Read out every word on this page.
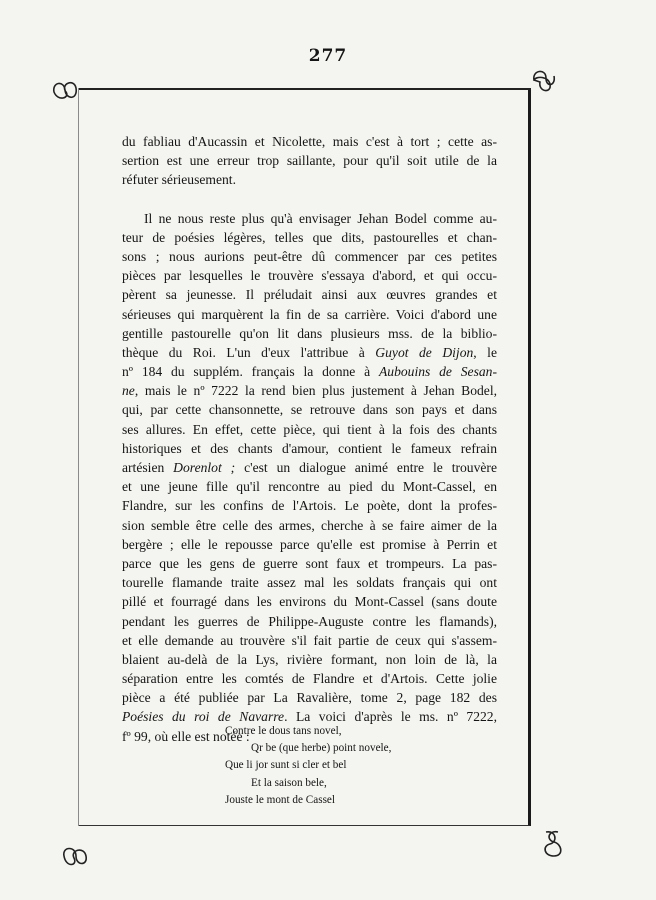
277
du fabliau d'Aucassin et Nicolette, mais c'est à tort ; cette as-
sertion est une erreur trop saillante, pour qu'il soit utile de la
réfuter sérieusement.
Il ne nous reste plus qu'à envisager Jehan Bodel comme au-
teur de poésies légères, telles que dits, pastourelles et chan-
sons ; nous aurions peut-être dû commencer par ces petites
pièces par lesquelles le trouvère s'essaya d'abord, et qui occu-
pèrent sa jeunesse. Il préludait ainsi aux œuvres grandes et
sérieuses qui marquèrent la fin de sa carrière. Voici d'abord une
gentille pastourelle qu'on lit dans plusieurs mss. de la biblio-
thèque du Roi. L'un d'eux l'attribue à Guyot de Dijon, le
nº 184 du supplém. français la donne à Aubouins de Sesan-
ne, mais le nº 7222 la rend bien plus justement à Jehan Bodel,
qui, par cette chansonnette, se retrouve dans son pays et dans
ses allures. En effet, cette pièce, qui tient à la fois des chants
historiques et des chants d'amour, contient le fameux refrain
artésien Dorenlot ; c'est un dialogue animé entre le trouvère
et une jeune fille qu'il rencontre au pied du Mont-Cassel, en
Flandre, sur les confins de l'Artois. Le poète, dont la profes-
sion semble être celle des armes, cherche à se faire aimer de la
bergère ; elle le repousse parce qu'elle est promise à Perrin et
parce que les gens de guerre sont faux et trompeurs. La pas-
tourelle flamande traite assez mal les soldats français qui ont
pillé et fourragé dans les environs du Mont-Cassel (sans doute
pendant les guerres de Philippe-Auguste contre les flamands),
et elle demande au trouvère s'il fait partie de ceux qui s'assem-
blaient au-delà de la Lys, rivière formant, non loin de là, la
séparation entre les comtés de Flandre et d'Artois. Cette jolie
pièce a été publiée par La Ravalière, tome 2, page 182 des
Poésies du roi de Navarre. La voici d'après le ms. nº 7222,
fº 99, où elle est notée :
Contre le dous tans novel,
Qr be (que herbe) point novele,
Que li jor sunt si cler et bel
Et la saison bele,
Jouste le mont de Cassel
